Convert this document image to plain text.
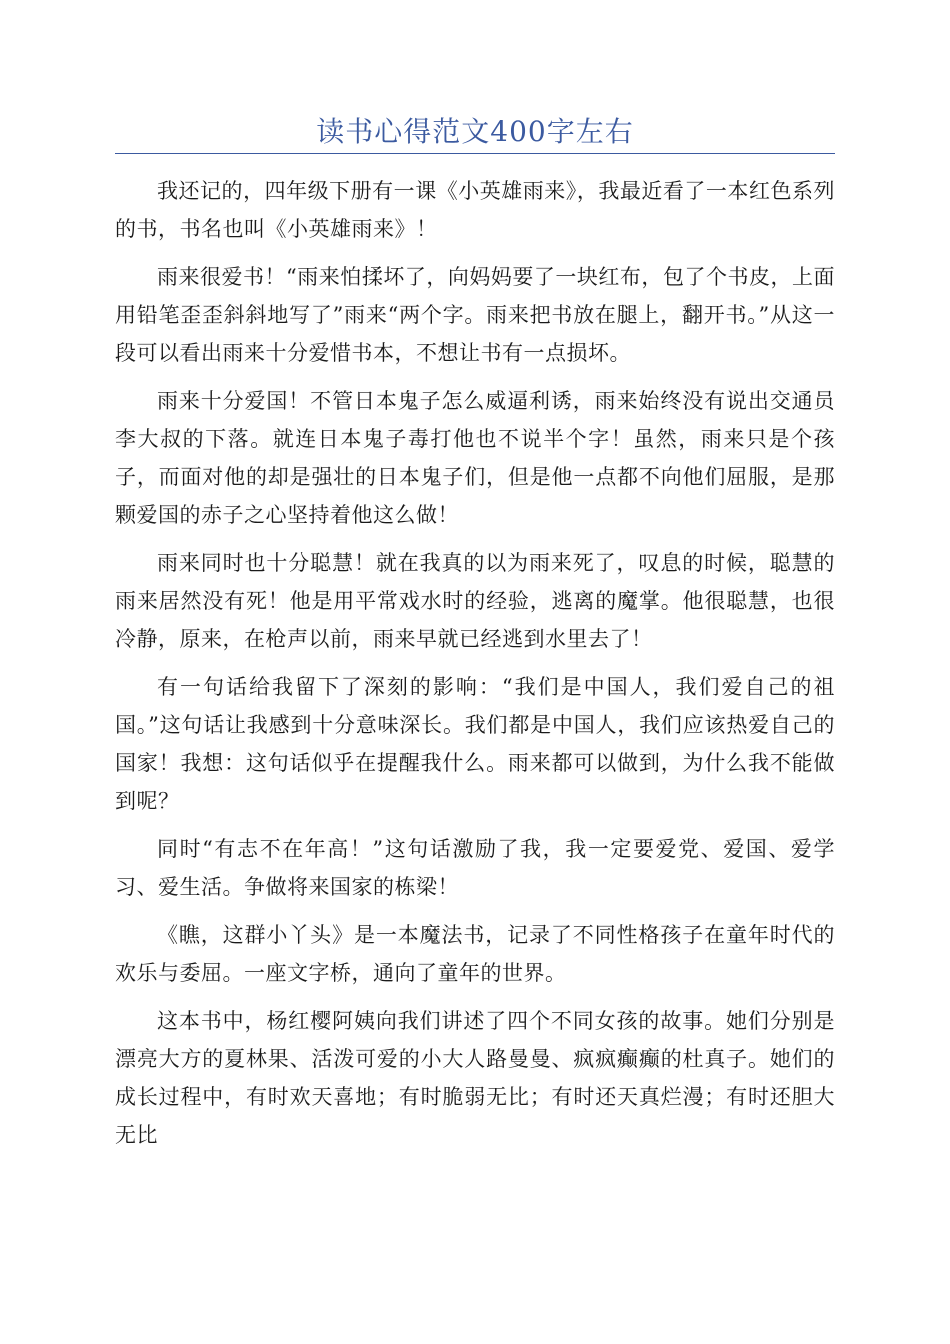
读书心得范文400字左右

我还记的，四年级下册有一课《小英雄雨来》，我最近看了一本红色系列的书，书名也叫《小英雄雨来》！

雨来很爱书！“雨来怕揉坏了，向妈妈要了一块红布，包了个书皮，上面用铅笔歪歪斜斜地写了”雨来“两个字。雨来把书放在腿上，翻开书。”从这一段可以看出雨来十分爱惜书本，不想让书有一点损坏。

雨来十分爱国！不管日本鬼子怎么威逼利诱，雨来始终没有说出交通员李大叔的下落。就连日本鬼子毒打他也不说半个字！虽然，雨来只是个孩子，而面对他的却是强壮的日本鬼子们，但是他一点都不向他们屈服，是那颗爱国的赤子之心坚持着他这么做！

雨来同时也十分聪慧！就在我真的以为雨来死了，叹息的时候，聪慧的雨来居然没有死！他是用平常戏水时的经验，逃离的魔掌。他很聪慧，也很冷静，原来，在枪声以前，雨来早就已经逃到水里去了！

有一句话给我留下了深刻的影响：“我们是中国人，我们爱自己的祖国。”这句话让我感到十分意味深长。我们都是中国人，我们应该热爱自己的国家！我想：这句话似乎在提醒我什么。雨来都可以做到，为什么我不能做到呢？

同时“有志不在年高！”这句话激励了我，我一定要爱党、爱国、爱学习、爱生活。争做将来国家的栋梁！

《瞧，这群小丫头》是一本魔法书，记录了不同性格孩子在童年时代的欢乐与委屈。一座文字桥，通向了童年的世界。

这本书中，杨红樱阿姨向我们讲述了四个不同女孩的故事。她们分别是漂亮大方的夏林果、活泼可爱的小大人路曼曼、疯疯癫癫的杜真子。她们的成长过程中，有时欢天喜地；有时脆弱无比；有时还天真烂漫；有时还胆大无比
